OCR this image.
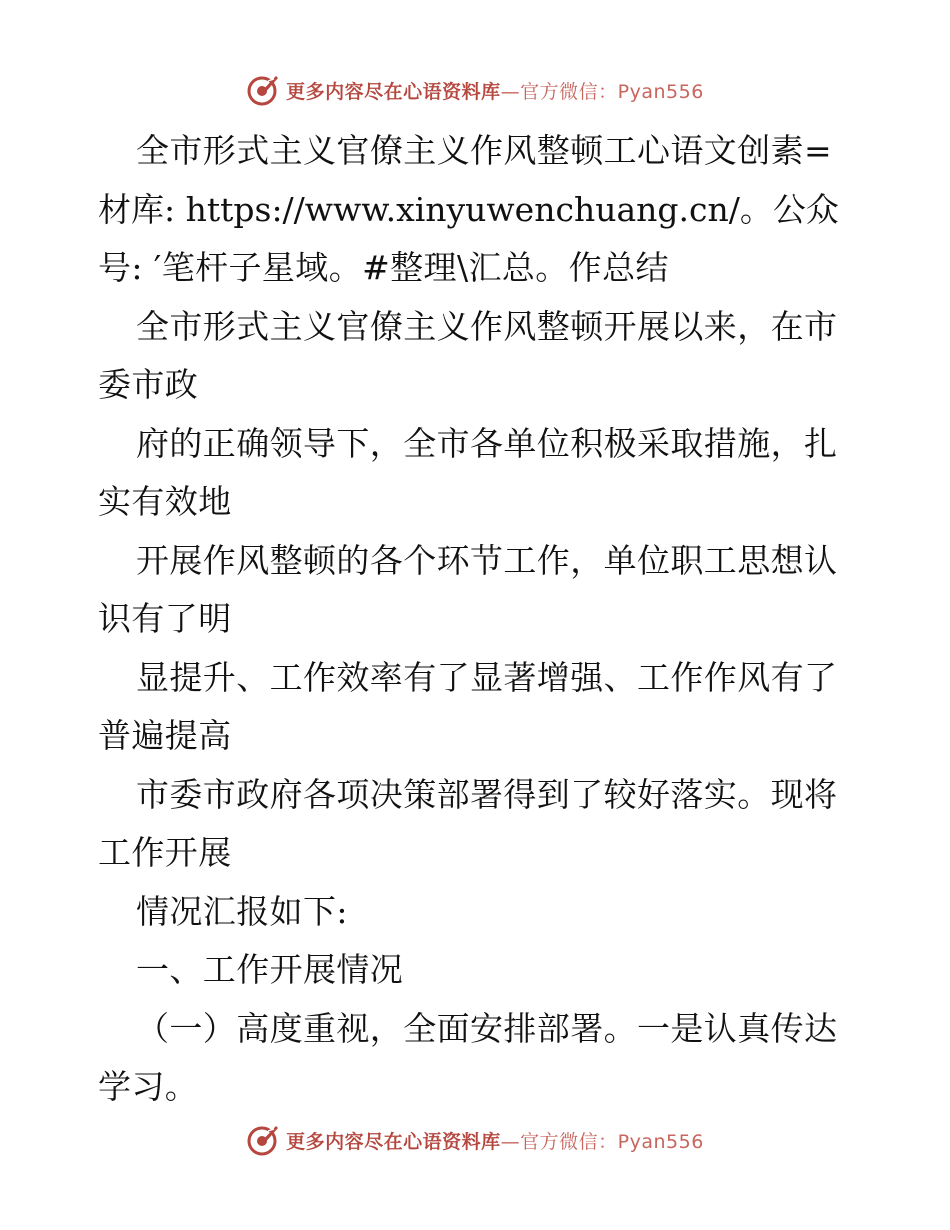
更多内容尽在心语资料库—官方微信：Pyan556
全市形式主义官僚主义作风整顿工心语文创素=
材库: https://www.xinyuwenchuang.cn/。公众
号: ′笔杆子星域。#整理\汇总。作总结
全市形式主义官僚主义作风整顿开展以来，在市
委市政
府的正确领导下，全市各单位积极采取措施，扎
实有效地
开展作风整顿的各个环节工作，单位职工思想认
识有了明
显提升、工作效率有了显著增强、工作作风有了
普遍提高
市委市政府各项决策部署得到了较好落实。现将
工作开展
情况汇报如下:
一、工作开展情况
（一）高度重视，全面安排部署。一是认真传达
学习。
更多内容尽在心语资料库—官方微信：Pyan556
